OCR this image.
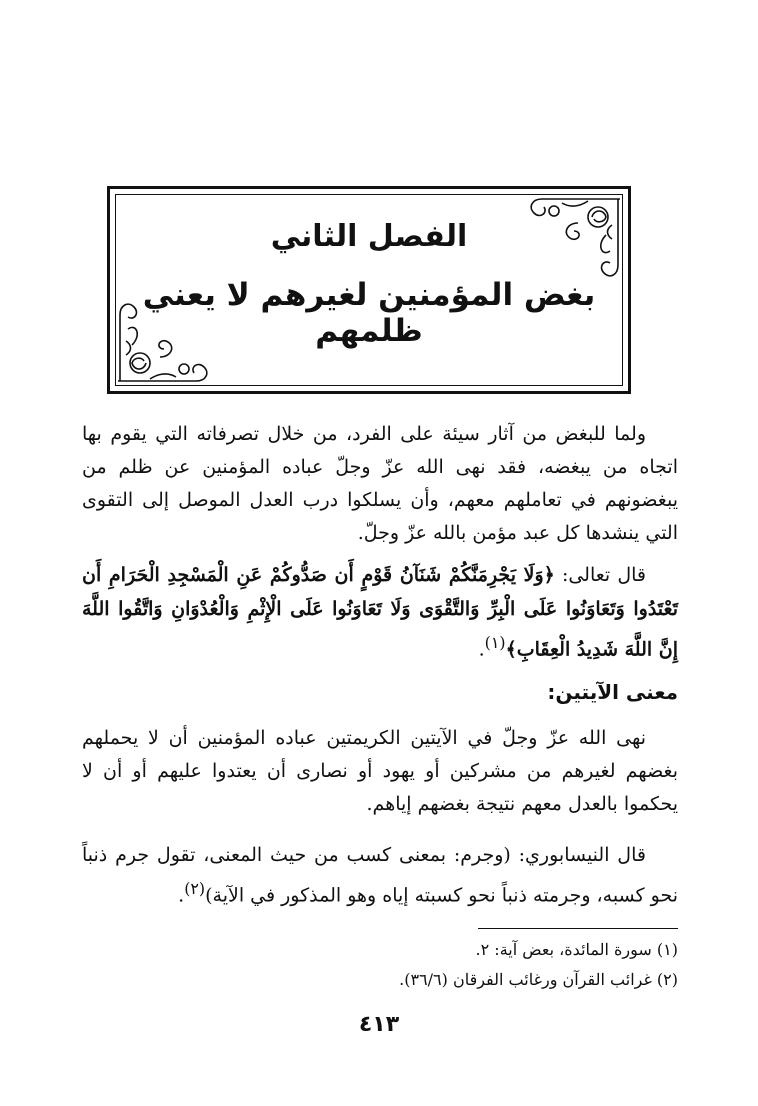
الفصل الثاني
بغض المؤمنين لغيرهم لا يعني ظلمهم

ولما للبغض من آثار سيئة على الفرد، من خلال تصرفاته التي يقوم بها اتجاه من يبغضه، فقد نهى الله عزّ وجلّ عباده المؤمنين عن ظلم من يبغضونهم في تعاملهم معهم، وأن يسلكوا درب العدل الموصل إلى التقوى التي ينشدها كل عبد مؤمن بالله عزّ وجلّ.

قال تعالى: ﴿وَلَا يَجْرِمَنَّكُمْ شَنَآنُ قَوْمٍ أَن صَدُّوكُمْ عَنِ الْمَسْجِدِ الْحَرَامِ أَن تَعْتَدُوا وَتَعَاوَنُوا عَلَى الْبِرِّ وَالتَّقْوَى وَلَا تَعَاوَنُوا عَلَى الْإِثْمِ وَالْعُدْوَانِ وَاتَّقُوا اللَّهَ إِنَّ اللَّهَ شَدِيدُ الْعِقَابِ﴾$^{(١)}$.

معنى الآيتين:

نهى الله عزّ وجلّ في الآيتين الكريمتين عباده المؤمنين أن لا يحملهم بغضهم لغيرهم من مشركين أو يهود أو نصارى أن يعتدوا عليهم أو أن لا يحكموا بالعدل معهم نتيجة بغضهم إياهم.

قال النيسابوري: (وجرم: بمعنى كسب من حيث المعنى، تقول جرم ذنباً نحو كسبه، وجرمته ذنباً نحو كسبته إياه وهو المذكور في الآية)$^{(٢)}$.

(١) سورة المائدة، بعض آية: ٢.
(٢) غرائب القرآن ورغائب الفرقان (٣٦/٦).
٤١٣
